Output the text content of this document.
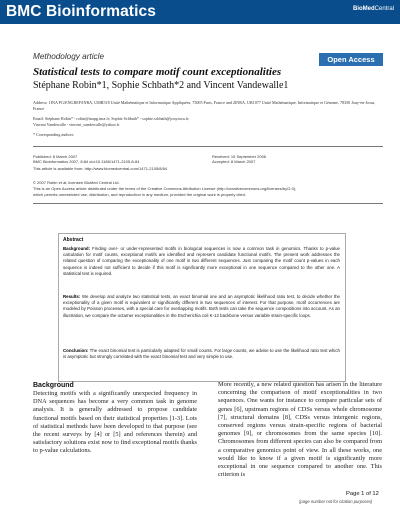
BMC Bioinformatics	BioMedCentral
Methodology article	Open Access
Statistical tests to compare motif count exceptionalities
Stéphane Robin*1, Sophie Schbath*2 and Vincent Vandewalle1
Address: 1INA PG/ENGREF/INRA, UMR518 Unité Mathématique et Informatique Appliquées, 75005 Paris, France and 2INRA, UR1077 Unité Mathématique, Informatique et Génome, 78350 Jouy-en-Josas, France
Email: Stéphane Robin* - robin@inapg.inra.fr; Sophie Schbath* - sophie.schbath@jouy.inra.fr;
Vincent Vandewalle - vincent_vandewalle@yahoo.fr
* Corresponding authors
Published: 8 March 2007	Received: 15 September 2006
BMC Bioinformatics 2007, 8:84 doi:10.1186/1471-2105-8-84	Accepted: 8 March 2007
This article is available from: http://www.biomedcentral.com/1471-2105/8/84
© 2007 Robin et al; licensee BioMed Central Ltd.
This is an Open Access article distributed under the terms of the Creative Commons Attribution License (http://creativecommons.org/licenses/by/2.0),
which permits unrestricted use, distribution, and reproduction in any medium, provided the original work is properly cited.
Abstract
Background: Finding over- or under-represented motifs in biological sequences is now a common task in genomics. Thanks to p-value calculation for motif counts, exceptional motifs are identified and represent candidate functional motifs. The present work addresses the related question of comparing the exceptionality of one motif in two different sequences. Just comparing the motif count p-values in each sequence is indeed not sufficient to decide if this motif is significantly more exceptional in one sequence compared to the other one. A statistical test is required.
Results: We develop and analyze two statistical tests, an exact binomial one and an asymptotic likelihood ratio test, to decide whether the exceptionality of a given motif is equivalent or significantly different in two sequences of interest. For that purpose, motif occurrences are modeled by Poisson processes, with a special care for overlapping motifs. Both tests can take the sequence compositions into account. As an illustration, we compare the octamer exceptionalities in the Escherichia coli K-12 backbone versus variable strain-specific loops.
Conclusion: The exact binomial test is particularly adapted for small counts. For large counts, we advise to use the likelihood ratio test which is asymptotic but strongly correlated with the exact binomial test and very simple to use.
Background
Detecting motifs with a significantly unexpected frequency in DNA sequences has become a very common task in genome analysis. It is generally addressed to propose candidate functional motifs based on their statistical properties [1-3]. Lots of statistical methods have been developed to that purpose (see the recent surveys by [4] or [5] and references therein) and satisfactory solutions exist now to find exceptional motifs thanks to p-value calculations.
More recently, a new related question has arisen in the literature concerning the comparison of motif exceptionalities in two sequences. One wants for instance to compare particular sets of genes [6], upstream regions of CDSs versus whole chromosome [7], structural domains [8], CDSs versus intergenic regions, conserved regions versus strain-specific regions of bacterial genomes [9], or chromosomes from the same species [10]. Chromosomes from different species can also be compared from a comparative genomics point of view. In all these works, one would like to know if a given motif is significantly more exceptional in one sequence compared to another one. This criterion is
Page 1 of 12
(page number not for citation purposes)
